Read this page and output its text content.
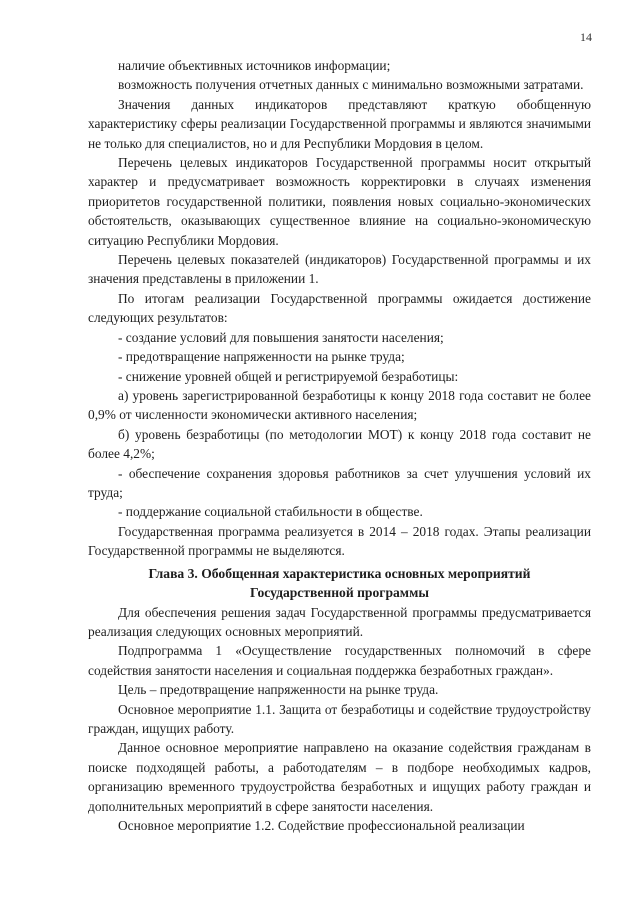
14

наличие объективных источников информации;

возможность получения отчетных данных с минимально возможными затратами.

Значения данных индикаторов представляют краткую обобщенную характеристику сферы реализации Государственной программы и являются значимыми не только для специалистов, но и для Республики Мордовия в целом.

Перечень целевых индикаторов Государственной программы носит открытый характер и предусматривает возможность корректировки в случаях изменения приоритетов государственной политики, появления новых социально-экономических обстоятельств, оказывающих существенное влияние на социально-экономическую ситуацию Республики Мордовия.

Перечень целевых показателей (индикаторов) Государственной программы и их значения представлены в приложении 1.

По итогам реализации Государственной программы ожидается достижение следующих результатов:

- создание условий для повышения занятости населения;

- предотвращение напряженности на рынке труда;

- снижение уровней общей и регистрируемой безработицы:

а) уровень зарегистрированной безработицы к концу 2018 года составит не более 0,9% от численности экономически активного населения;

б) уровень безработицы (по методологии МОТ) к концу 2018 года составит не более 4,2%;

- обеспечение сохранения здоровья работников за счет улучшения условий их труда;

- поддержание социальной стабильности в обществе.

Государственная программа реализуется в 2014 – 2018 годах. Этапы реализации Государственной программы не выделяются.

Глава 3. Обобщенная характеристика основных мероприятий
Государственной программы

Для обеспечения решения задач Государственной программы предусматривается реализация следующих основных мероприятий.

Подпрограмма 1 «Осуществление государственных полномочий в сфере содействия занятости населения и социальная поддержка безработных граждан».

Цель – предотвращение напряженности на рынке труда.

Основное мероприятие 1.1. Защита от безработицы и содействие трудоустройству граждан, ищущих работу.

Данное основное мероприятие направлено на оказание содействия гражданам в поиске подходящей работы, а работодателям – в подборе необходимых кадров, организацию временного трудоустройства безработных и ищущих работу граждан и дополнительных мероприятий в сфере занятости населения.

Основное мероприятие 1.2. Содействие профессиональной реализации
